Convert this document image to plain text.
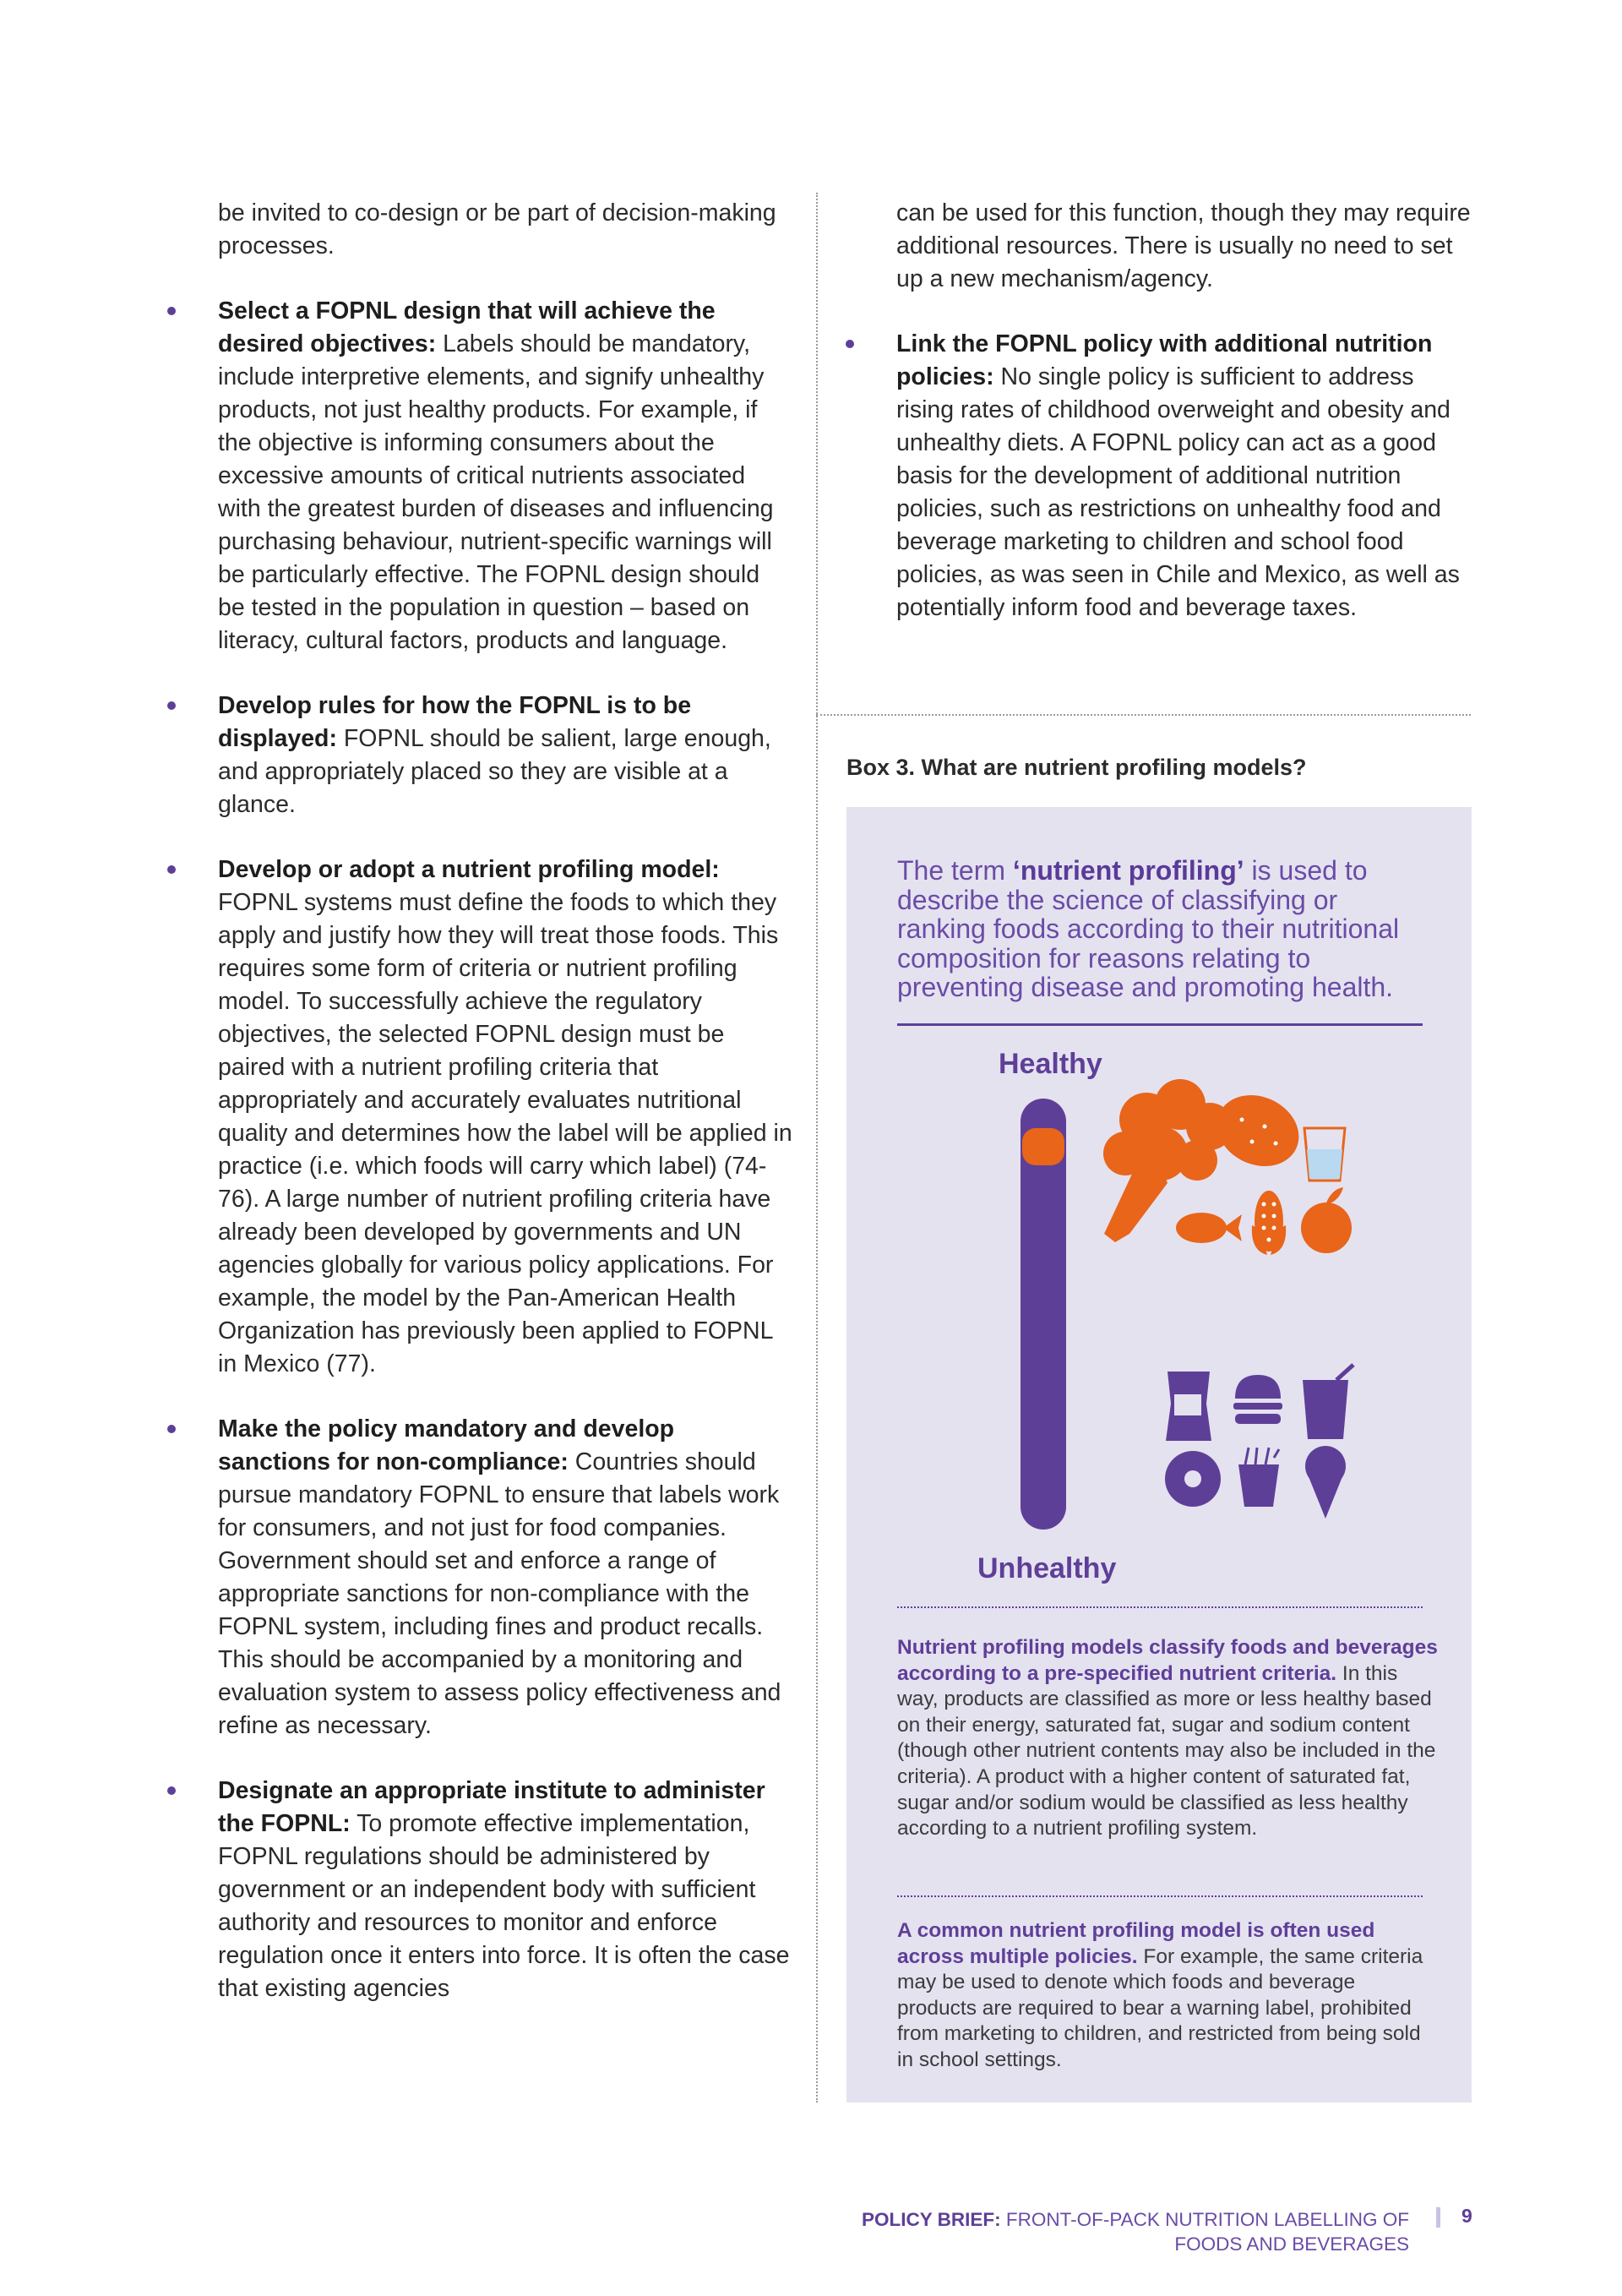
be invited to co-design or be part of decision-making processes.

Select a FOPNL design that will achieve the desired objectives: Labels should be mandatory, include interpretive elements, and signify unhealthy products, not just healthy products. For example, if the objective is informing consumers about the excessive amounts of critical nutrients associated with the greatest burden of diseases and influencing purchasing behaviour, nutrient-specific warnings will be particularly effective. The FOPNL design should be tested in the population in question – based on literacy, cultural factors, products and language.
Develop rules for how the FOPNL is to be displayed: FOPNL should be salient, large enough, and appropriately placed so they are visible at a glance.
Develop or adopt a nutrient profiling model: FOPNL systems must define the foods to which they apply and justify how they will treat those foods. This requires some form of criteria or nutrient profiling model. To successfully achieve the regulatory objectives, the selected FOPNL design must be paired with a nutrient profiling criteria that appropriately and accurately evaluates nutritional quality and determines how the label will be applied in practice (i.e. which foods will carry which label) (74-76). A large number of nutrient profiling criteria have already been developed by governments and UN agencies globally for various policy applications. For example, the model by the Pan-American Health Organization has previously been applied to FOPNL in Mexico (77).
Make the policy mandatory and develop sanctions for non-compliance: Countries should pursue mandatory FOPNL to ensure that labels work for consumers, and not just for food companies. Government should set and enforce a range of appropriate sanctions for non-compliance with the FOPNL system, including fines and product recalls. This should be accompanied by a monitoring and evaluation system to assess policy effectiveness and refine as necessary.
Designate an appropriate institute to administer the FOPNL: To promote effective implementation, FOPNL regulations should be administered by government or an independent body with sufficient authority and resources to monitor and enforce regulation once it enters into force. It is often the case that existing agencies

can be used for this function, though they may require additional resources. There is usually no need to set up a new mechanism/agency.

Link the FOPNL policy with additional nutrition policies: No single policy is sufficient to address rising rates of childhood overweight and obesity and unhealthy diets. A FOPNL policy can act as a good basis for the development of additional nutrition policies, such as restrictions on unhealthy food and beverage marketing to children and school food policies, as was seen in Chile and Mexico, as well as potentially inform food and beverage taxes.
Box 3. What are nutrient profiling models?
The term ‘nutrient profiling’ is used to describe the science of classifying or ranking foods according to their nutritional composition for reasons relating to preventing disease and promoting health.
Healthy
Unhealthy
Nutrient profiling models classify foods and beverages according to a pre-specified nutrient criteria. In this way, products are classified as more or less healthy based on their energy, saturated fat, sugar and sodium content (though other nutrient contents may also be included in the criteria). A product with a higher content of saturated fat, sugar and/or sodium would be classified as less healthy according to a nutrient profiling system.
A common nutrient profiling model is often used across multiple policies. For example, the same criteria may be used to denote which foods and beverage products are required to bear a warning label, prohibited from marketing to children, and restricted from being sold in school settings.
POLICY BRIEF: FRONT-OF-PACK NUTRITION LABELLING OF
FOODS AND BEVERAGES
9
